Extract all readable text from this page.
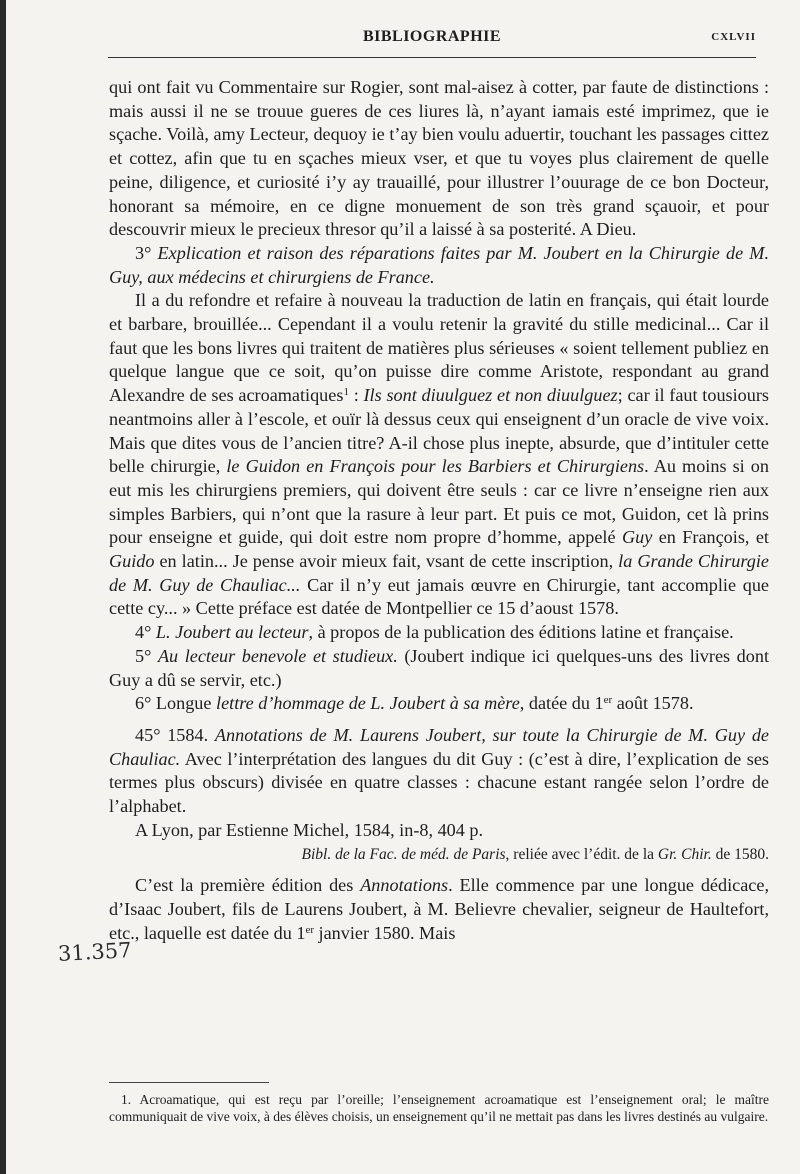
BIBLIOGRAPHIE	CXLVII

qui ont fait vu Commentaire sur Rogier, sont mal-aisez à cotter, par faute de distinctions : mais aussi il ne se trouue gueres de ces liures là, n’ayant iamais esté imprimez, que ie sçache. Voilà, amy Lecteur, dequoy ie t’ay bien voulu aduertir, touchant les passages cittez et cottez, afin que tu en sçaches mieux vser, et que tu voyes plus clairement de quelle peine, diligence, et curiosité i’y ay trauaillé, pour illustrer l’ouurage de ce bon Docteur, honorant sa mémoire, en ce digne monuement de son très grand sçauoir, et pour descouvrir mieux le precieux thresor qu’il a laissé à sa posterité. A Dieu.

3° Explication et raison des réparations faites par M. Joubert en la Chirurgie de M. Guy, aux médecins et chirurgiens de France.

Il a du refondre et refaire à nouveau la traduction de latin en français, qui était lourde et barbare, brouillée... Cependant il a voulu retenir la gravité du stille medicinal... Car il faut que les bons livres qui traitent de matières plus sérieuses « soient tellement publiez en quelque langue que ce soit, qu’on puisse dire comme Aristote, respondant au grand Alexandre de ses acroamatiques$^1$ : Ils sont diuulguez et non diuulguez; car il faut tousiours neantmoins aller à l’escole, et ouïr là dessus ceux qui enseignent d’un oracle de vive voix. Mais que dites vous de l’ancien titre? A-il chose plus inepte, absurde, que d’intituler cette belle chirurgie, le Guidon en François pour les Barbiers et Chirurgiens. Au moins si on eut mis les chirurgiens premiers, qui doivent être seuls : car ce livre n’enseigne rien aux simples Barbiers, qui n’ont que la rasure à leur part. Et puis ce mot, Guidon, cet là prins pour enseigne et guide, qui doit estre nom propre d’homme, appelé Guy en François, et Guido en latin... Je pense avoir mieux fait, vsant de cette inscription, la Grande Chirurgie de M. Guy de Chauliac... Car il n’y eut jamais œuvre en Chirurgie, tant accomplie que cette cy... » Cette préface est datée de Montpellier ce 15 d’aoust 1578.

4° L. Joubert au lecteur, à propos de la publication des éditions latine et française.

5° Au lecteur benevole et studieux. (Joubert indique ici quelques-uns des livres dont Guy a dû se servir, etc.)

6° Longue lettre d’hommage de L. Joubert à sa mère, datée du 1er août 1578.

45° 1584. Annotations de M. Laurens Joubert, sur toute la Chirurgie de M. Guy de Chauliac. Avec l’interprétation des langues du dit Guy : (c’est à dire, l’explication de ses termes plus obscurs) divisée en quatre classes : chacune estant rangée selon l’ordre de l’alphabet.

A Lyon, par Estienne Michel, 1584, in-8, 404 p.

Bibl. de la Fac. de méd. de Paris, reliée avec l’édit. de la Gr. Chir. de 1580.

C’est la première édition des Annotations. Elle commence par une longue dédicace, d’Isaac Joubert, fils de Laurens Joubert, à M. Believre chevalier, seigneur de Haultefort, etc., laquelle est datée du 1er janvier 1580. Mais

31.357
1. Acroamatique, qui est reçu par l’oreille; l’enseignement acroamatique est l’enseignement oral; le maître communiquait de vive voix, à des élèves choisis, un enseignement qu’il ne mettait pas dans les livres destinés au vulgaire.
